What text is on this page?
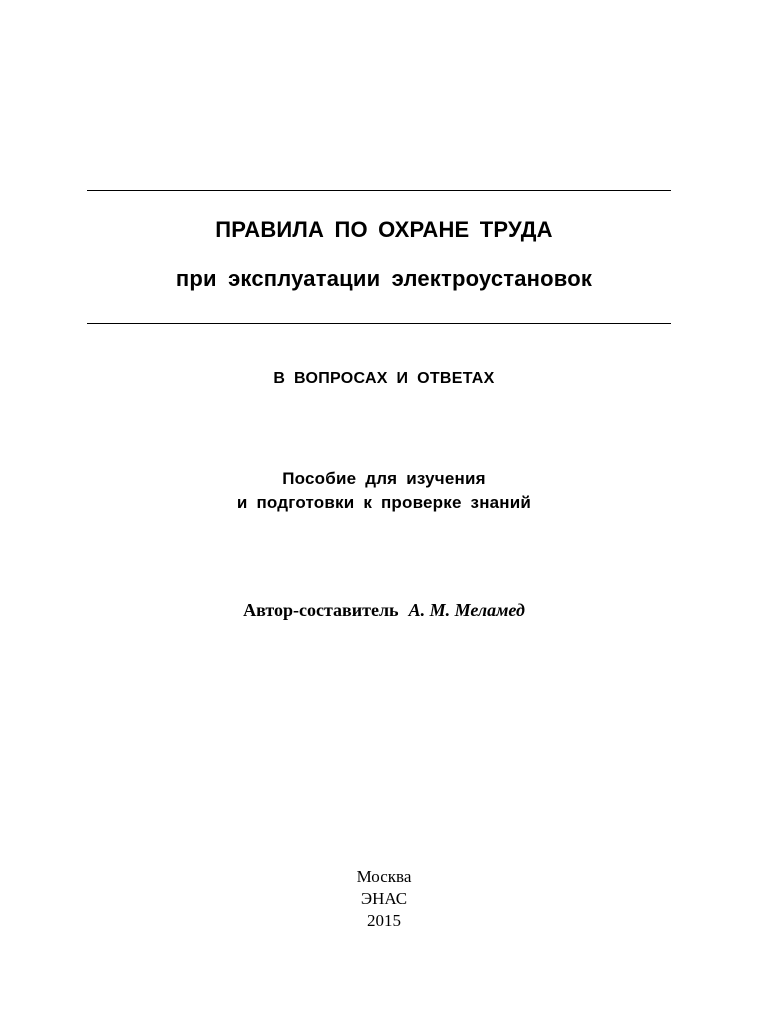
ПРАВИЛА ПО ОХРАНЕ ТРУДА
при эксплуатации электроустановок
В ВОПРОСАХ И ОТВЕТАХ
Пособие для изучения
и подготовки к проверке знаний
Автор-составитель А. М. Меламед
Москва
ЭНАС
2015
